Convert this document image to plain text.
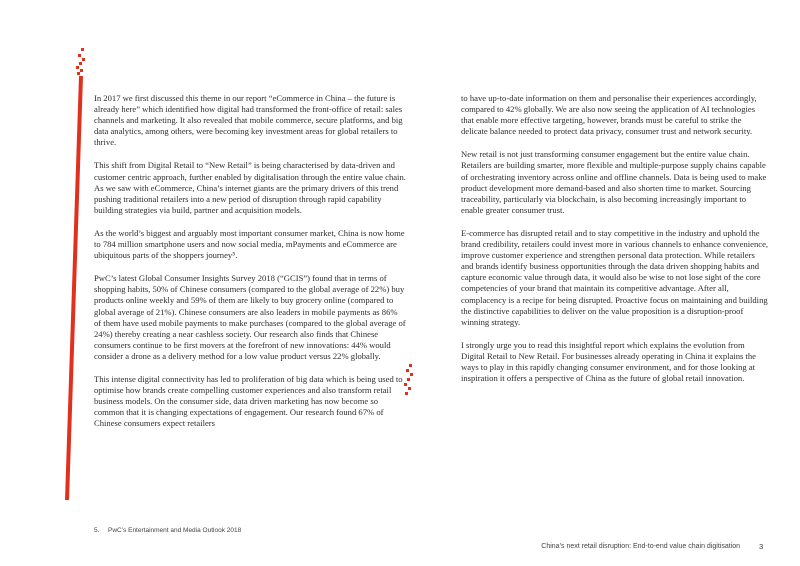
In 2017 we first discussed this theme in our report “eCommerce in China – the future is already here” which identified how digital had transformed the front-office of retail: sales channels and marketing. It also revealed that mobile commerce, secure platforms, and big data analytics, among others, were becoming key investment areas for global retailers to thrive.

This shift from Digital Retail to “New Retail” is being characterised by data-driven and customer centric approach, further enabled by digitalisation through the entire value chain. As we saw with eCommerce, China’s internet giants are the primary drivers of this trend pushing traditional retailers into a new period of disruption through rapid capability building strategies via build, partner and acquisition models.

As the world’s biggest and arguably most important consumer market, China is now home to 784 million smartphone users and now social media, mPayments and eCommerce are ubiquitous parts of the shoppers journey⁵.

PwC’s latest Global Consumer Insights Survey 2018 (“GCIS”) found that in terms of shopping habits, 50% of Chinese consumers (compared to the global average of 22%) buy products online weekly and 59% of them are likely to buy grocery online (compared to global average of 21%). Chinese consumers are also leaders in mobile payments as 86% of them have used mobile payments to make purchases (compared to the global average of 24%) thereby creating a near cashless society. Our research also finds that Chinese consumers continue to be first movers at the forefront of new innovations: 44% would consider a drone as a delivery method for a low value product versus 22% globally.

This intense digital connectivity has led to proliferation of big data which is being used to optimise how brands create compelling customer experiences and also transform retail business models. On the consumer side, data driven marketing has now become so common that it is changing expectations of engagement. Our research found 67% of Chinese consumers expect retailers

to have up-to-date information on them and personalise their experiences accordingly, compared to 42% globally. We are also now seeing the application of AI technologies that enable more effective targeting, however, brands must be careful to strike the delicate balance needed to protect data privacy, consumer trust and network security.

New retail is not just transforming consumer engagement but the entire value chain. Retailers are building smarter, more flexible and multiple-purpose supply chains capable of orchestrating inventory across online and offline channels. Data is being used to make product development more demand-based and also shorten time to market. Sourcing traceability, particularly via blockchain, is also becoming increasingly important to enable greater consumer trust.

E-commerce has disrupted retail and to stay competitive in the industry and uphold the brand credibility, retailers could invest more in various channels to enhance convenience, improve customer experience and strengthen personal data protection. While retailers and brands identify business opportunities through the data driven shopping habits and capture economic value through data, it would also be wise to not lose sight of the core competencies of your brand that maintain its competitive advantage. After all, complacency is a recipe for being disrupted. Proactive focus on maintaining and building the distinctive capabilities to deliver on the value proposition is a disruption-proof winning strategy.

I strongly urge you to read this insightful report which explains the evolution from Digital Retail to New Retail. For businesses already operating in China it explains the ways to play in this rapidly changing consumer environment, and for those looking at inspiration it offers a perspective of China as the future of global retail innovation.

5. PwC’s Entertainment and Media Outlook 2018
China’s next retail disruption: End-to-end value chain digitisation	3
